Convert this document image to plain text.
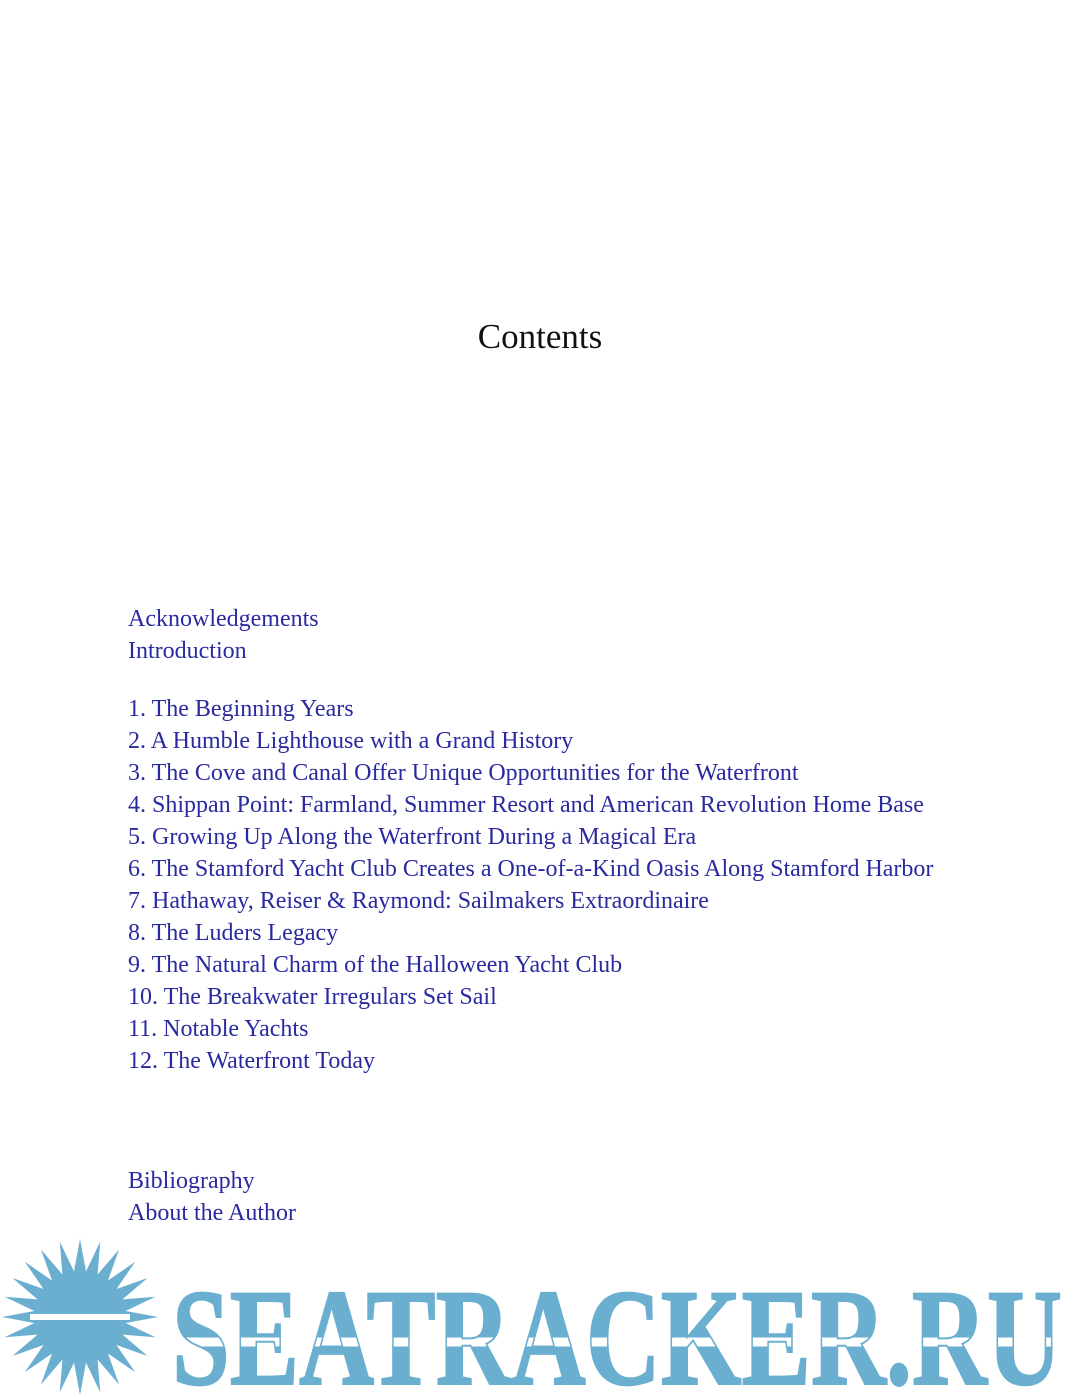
Contents
Acknowledgements
Introduction
1. The Beginning Years
2. A Humble Lighthouse with a Grand History
3. The Cove and Canal Offer Unique Opportunities for the Waterfront
4. Shippan Point: Farmland, Summer Resort and American Revolution Home Base
5. Growing Up Along the Waterfront During a Magical Era
6. The Stamford Yacht Club Creates a One-of-a-Kind Oasis Along Stamford Harbor
7. Hathaway, Reiser & Raymond: Sailmakers Extraordinaire
8. The Luders Legacy
9. The Natural Charm of the Halloween Yacht Club
10. The Breakwater Irregulars Set Sail
11. Notable Yachts
12. The Waterfront Today
Bibliography
About the Author
SEATRACKER.RU
